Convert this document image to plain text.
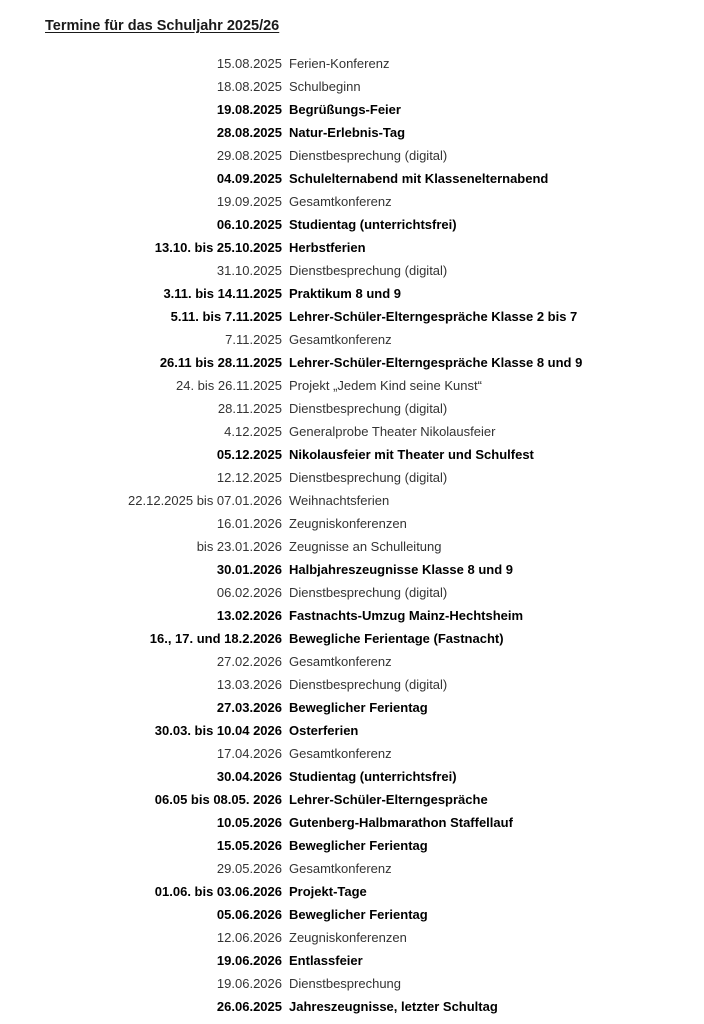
Termine für das Schuljahr 2025/26
15.08.2025 Ferien-Konferenz
18.08.2025 Schulbeginn
19.08.2025 Begrüßungs-Feier
28.08.2025 Natur-Erlebnis-Tag
29.08.2025 Dienstbesprechung (digital)
04.09.2025 Schulelternabend mit Klassenelternabend
19.09.2025 Gesamtkonferenz
06.10.2025 Studientag (unterrichtsfrei)
13.10. bis 25.10.2025 Herbstferien
31.10.2025 Dienstbesprechung (digital)
3.11. bis 14.11.2025 Praktikum 8 und 9
5.11. bis 7.11.2025 Lehrer-Schüler-Elterngespräche Klasse 2 bis 7
7.11.2025 Gesamtkonferenz
26.11 bis 28.11.2025 Lehrer-Schüler-Elterngespräche Klasse 8 und 9
24. bis 26.11.2025 Projekt „Jedem Kind seine Kunst“
28.11.2025 Dienstbesprechung (digital)
4.12.2025 Generalprobe Theater Nikolausfeier
05.12.2025 Nikolausfeier mit Theater und Schulfest
12.12.2025 Dienstbesprechung (digital)
22.12.2025 bis 07.01.2026 Weihnachtsferien
16.01.2026 Zeugniskonferenzen
bis 23.01.2026 Zeugnisse an Schulleitung
30.01.2026 Halbjahreszeugnisse Klasse 8 und 9
06.02.2026 Dienstbesprechung (digital)
13.02.2026 Fastnachts-Umzug Mainz-Hechtsheim
16., 17. und 18.2.2026 Bewegliche Ferientage (Fastnacht)
27.02.2026 Gesamtkonferenz
13.03.2026 Dienstbesprechung (digital)
27.03.2026 Beweglicher Ferientag
30.03. bis 10.04 2026 Osterferien
17.04.2026 Gesamtkonferenz
30.04.2026 Studientag (unterrichtsfrei)
06.05 bis 08.05. 2026 Lehrer-Schüler-Elterngespräche
10.05.2026 Gutenberg-Halbmarathon Staffellauf
15.05.2026 Beweglicher Ferientag
29.05.2026 Gesamtkonferenz
01.06. bis 03.06.2026 Projekt-Tage
05.06.2026 Beweglicher Ferientag
12.06.2026 Zeugniskonferenzen
19.06.2026 Entlassfeier
19.06.2026 Dienstbesprechung
26.06.2025 Jahreszeugnisse, letzter Schultag
